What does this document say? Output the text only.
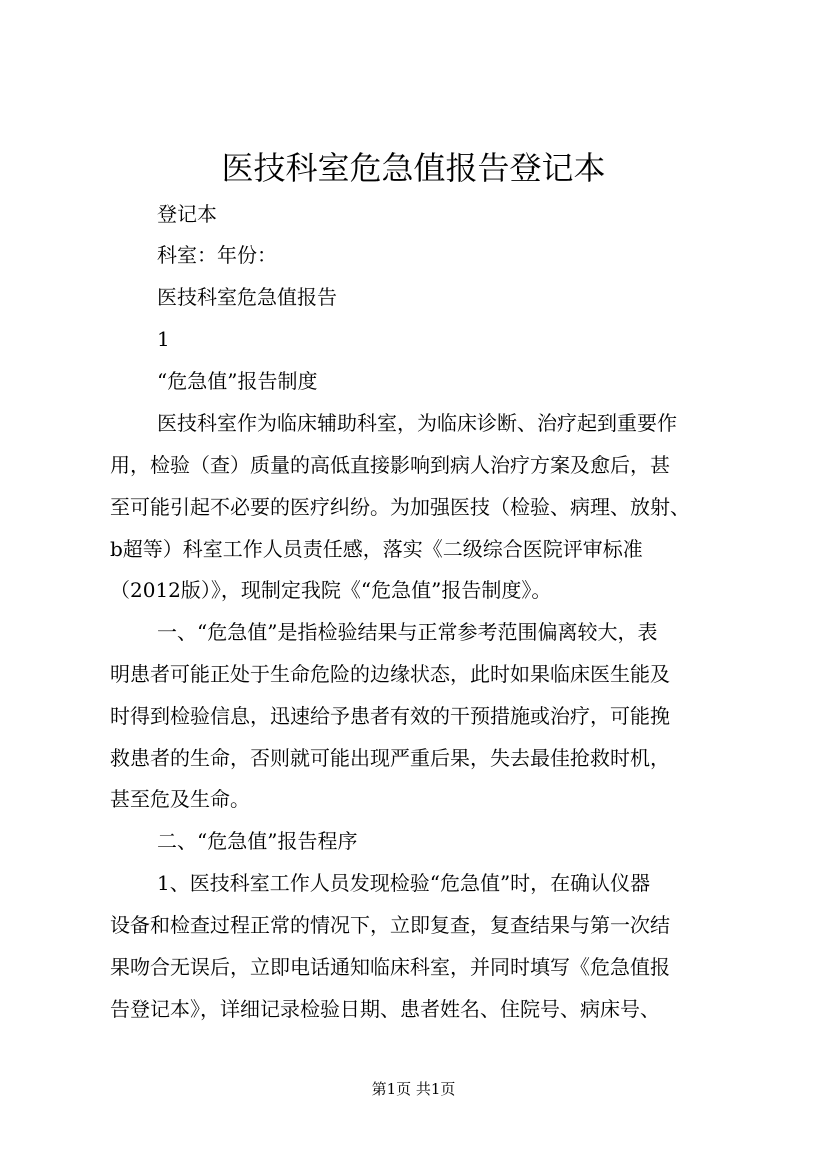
医技科室危急值报告登记本
登记本
科室：年份：
医技科室危急值报告
1
“危急值”报告制度
医技科室作为临床辅助科室，为临床诊断、治疗起到重要作
用，检验（查）质量的高低直接影响到病人治疗方案及愈后，甚
至可能引起不必要的医疗纠纷。为加强医技（检验、病理、放射、
b超等）科室工作人员责任感，落实《二级综合医院评审标准
（2012版）》，现制定我院《“危急值”报告制度》。
一、“危急值”是指检验结果与正常参考范围偏离较大，表
明患者可能正处于生命危险的边缘状态，此时如果临床医生能及
时得到检验信息，迅速给予患者有效的干预措施或治疗，可能挽
救患者的生命，否则就可能出现严重后果，失去最佳抢救时机，
甚至危及生命。
二、“危急值”报告程序
1、医技科室工作人员发现检验“危急值”时，在确认仪器
设备和检查过程正常的情况下，立即复查，复查结果与第一次结
果吻合无误后，立即电话通知临床科室，并同时填写《危急值报
告登记本》，详细记录检验日期、患者姓名、住院号、病床号、
第1页 共1页
